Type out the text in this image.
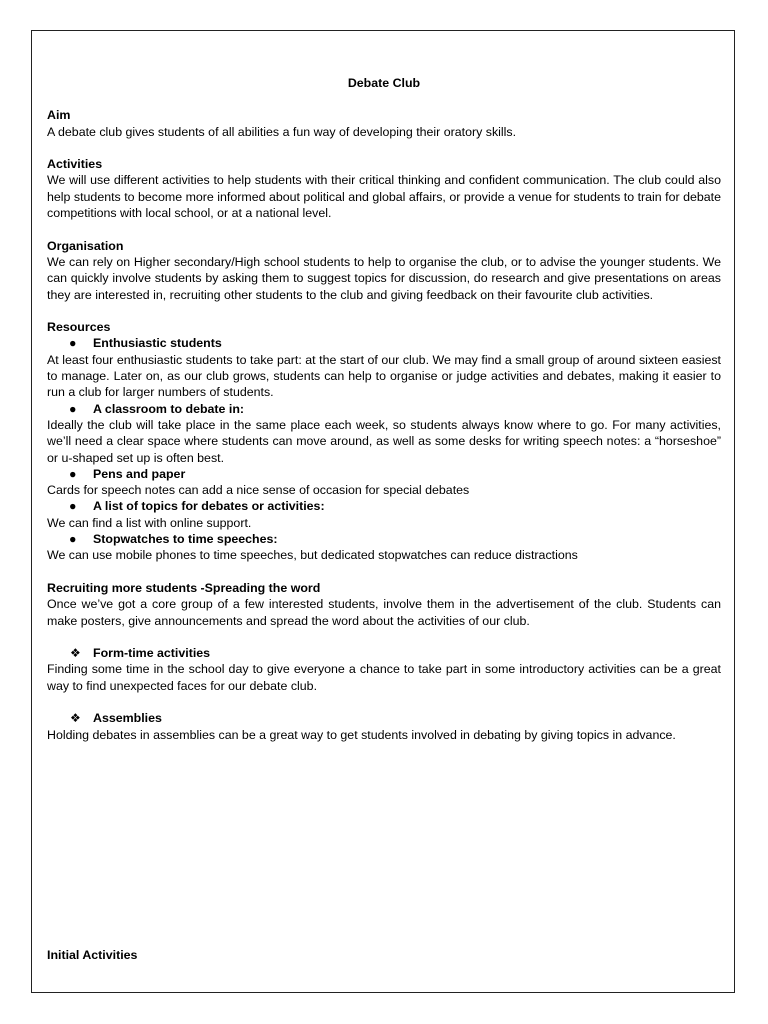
Debate Club

Aim

A debate club gives students of all abilities a fun way of developing their oratory skills.

Activities

We will use different activities to help students with their critical thinking and confident communication. The club could also help students to become more informed about political and global affairs, or provide a venue for students to train for debate competitions with local school, or at a national level.

Organisation

We can rely on Higher secondary/High school students to help to organise the club, or to advise the younger students. We can quickly involve students by asking them to suggest topics for discussion, do research and give presentations on areas they are interested in, recruiting other students to the club and giving feedback on their favourite club activities.

Resources

● Enthusiastic students

At least four enthusiastic students to take part: at the start of our club. We may find a small group of around sixteen easiest to manage. Later on, as our club grows, students can help to organise or judge activities and debates, making it easier to run a club for larger numbers of students.

● A classroom to debate in:

Ideally the club will take place in the same place each week, so students always know where to go. For many activities, we’ll need a clear space where students can move around, as well as some desks for writing speech notes: a “horseshoe” or u-shaped set up is often best.

● Pens and paper

Cards for speech notes can add a nice sense of occasion for special debates

● A list of topics for debates or activities:

We can find a list with online support.

● Stopwatches to time speeches:

We can use mobile phones to time speeches, but dedicated stopwatches can reduce distractions

Recruiting more students -Spreading the word

Once we’ve got a core group of a few interested students, involve them in the advertisement of the club. Students can make posters, give announcements and spread the word about the activities of our club.

❖ Form-time activities

Finding some time in the school day to give everyone a chance to take part in some introductory activities can be a great way to find unexpected faces for our debate club.

❖ Assemblies

Holding debates in assemblies can be a great way to get students involved in debating by giving topics in advance.

Initial Activities
